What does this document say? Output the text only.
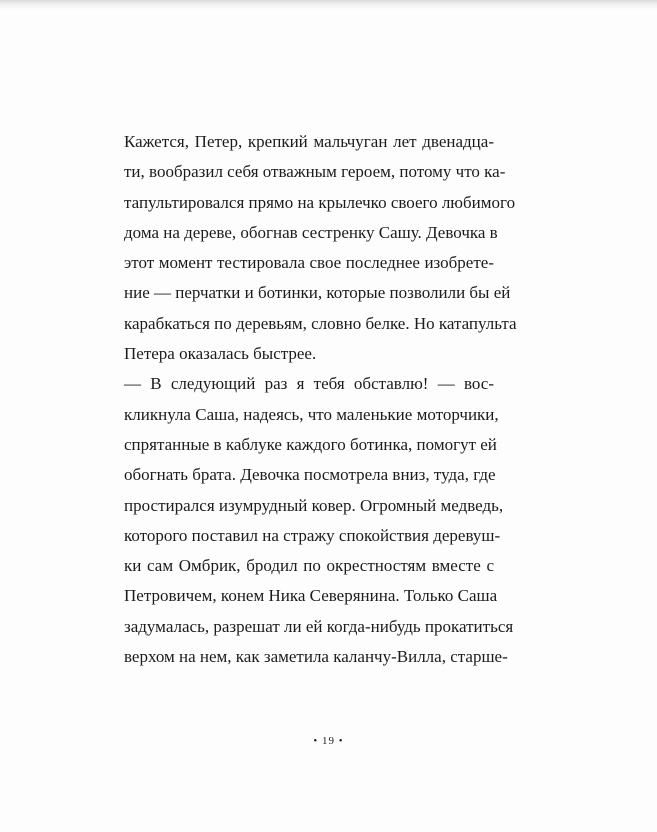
Кажется, Петер, крепкий мальчуган лет двенадца-
ти, вообразил себя отважным героем, потому что ка-
тапультировался прямо на крылечко своего любимого
дома на дереве, обогнав сестренку Сашу. Девочка в
этот момент тестировала свое последнее изобрете-
ние — перчатки и ботинки, которые позволили бы ей
карабкаться по деревьям, словно белке. Но катапульта
Петера оказалась быстрее.
— В следующий раз я тебя обставлю! — вос-
кликнула Саша, надеясь, что маленькие моторчики,
спрятанные в каблуке каждого ботинка, помогут ей
обогнать брата. Девочка посмотрела вниз, туда, где
простирался изумрудный ковер. Огромный медведь,
которого поставил на стражу спокойствия деревуш-
ки сам Омбрик, бродил по окрестностям вместе с
Петровичем, конем Ника Северянина. Только Саша
задумалась, разрешат ли ей когда-нибудь прокатиться
верхом на нем, как заметила каланчу-Вилла, старше-
• 19 •
